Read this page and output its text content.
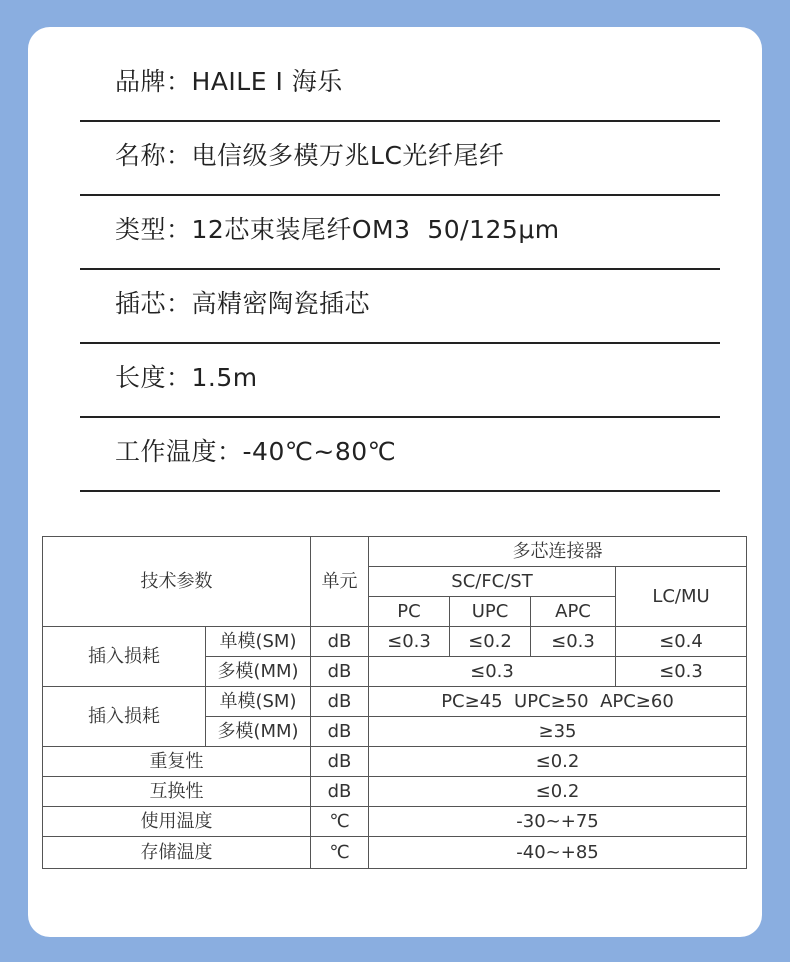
品牌：HAILE I 海乐
名称：电信级多模万兆LC光纤尾纤
类型：12芯束装尾纤OM3  50/125μm
插芯：高精密陶瓷插芯
长度：1.5m
工作温度：-40℃~80℃
技术参数		单元	多芯连接器			
			SC/FC/ST			LC/MU
			PC	UPC	APC	
插入损耗	单模(SM)	dB	≤0.3	≤0.2	≤0.3	≤0.4
	多模(MM)	dB	≤0.3			≤0.3
插入损耗	单模(SM)	dB	PC≥45  UPC≥50  APC≥60			
	多模(MM)	dB	≥35			
重复性		dB	≤0.2			
互换性		dB	≤0.2			
使用温度		℃	-30~+75			
存储温度		℃	-40~+85			
